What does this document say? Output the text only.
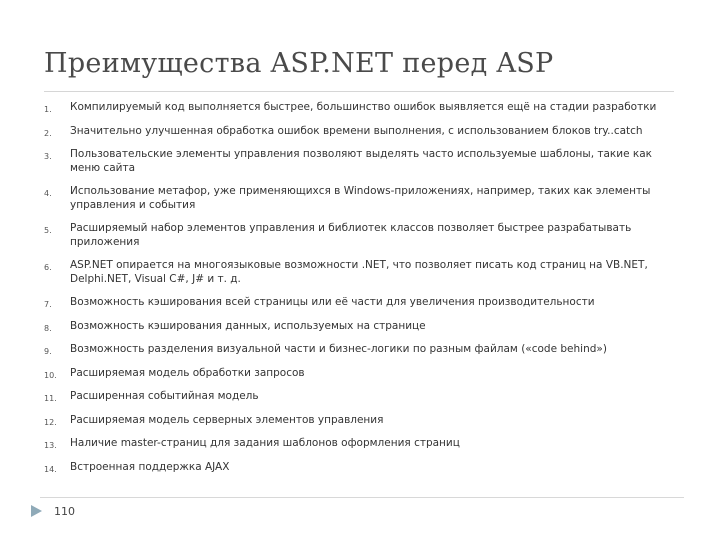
Преимущества ASP.NET перед ASP
1.	Компилируемый код выполняется быстрее, большинство ошибок выявляется ещё на стадии разработки
2.	Значительно улучшенная обработка ошибок времени выполнения, с использованием блоков try..catch
3.	Пользовательские элементы управления позволяют выделять часто используемые шаблоны, такие как меню сайта
4.	Использование метафор, уже применяющихся в Windows-приложениях, например, таких как элементы управления и события
5.	Расширяемый набор элементов управления и библиотек классов позволяет быстрее разрабатывать приложения
6.	ASP.NET опирается на многоязыковые возможности .NET, что позволяет писать код страниц на VB.NET, Delphi.NET, Visual C#, J# и т. д.
7.	Возможность кэширования всей страницы или её части для увеличения производительности
8.	Возможность кэширования данных, используемых на странице
9.	Возможность разделения визуальной части и бизнес-логики по разным файлам («code behind»)
10.	Расширяемая модель обработки запросов
11.	Расширенная событийная модель
12.	Расширяемая модель серверных элементов управления
13.	Наличие master-страниц для задания шаблонов оформления страниц
14.	Встроенная поддержка AJAX
110
